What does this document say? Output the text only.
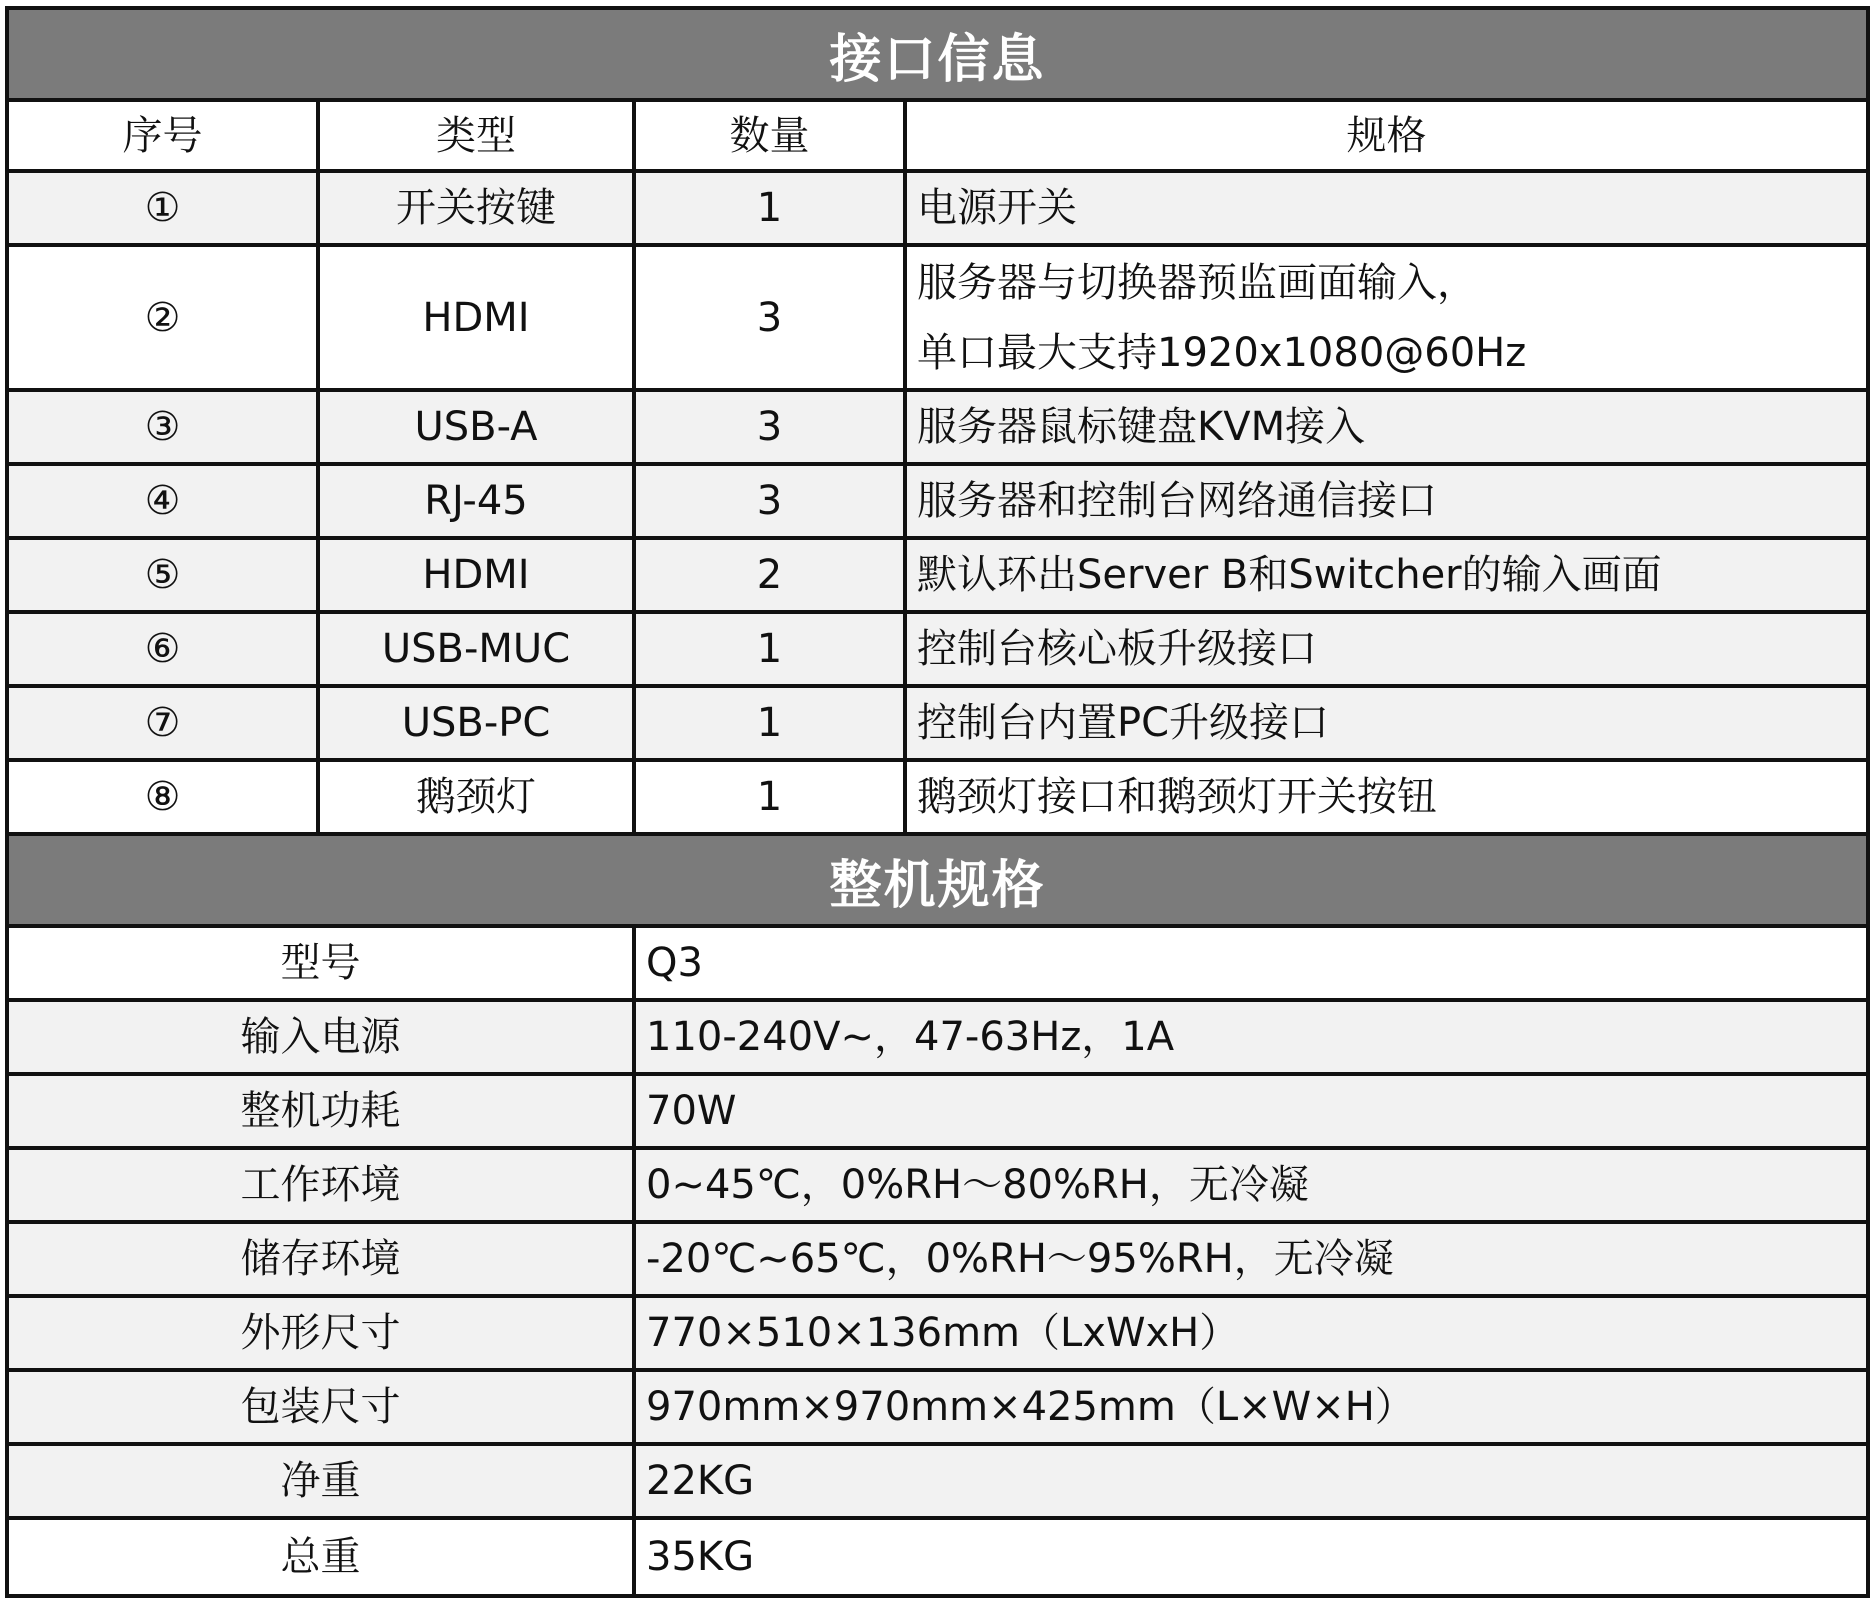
接口信息
序号	类型	数量	规格
①	开关按键	1	电源开关
②	HDMI	3
服务器与切换器预监画面输入，
单口最大支持1920x1080@60Hz
③	USB-A	3	服务器鼠标键盘KVM接入
④	RJ-45	3	服务器和控制台网络通信接口
⑤	HDMI	2	默认环出Server B和Switcher的输入画面
⑥	USB-MUC	1	控制台核心板升级接口
⑦	USB-PC	1	控制台内置PC升级接口
⑧	鹅颈灯	1	鹅颈灯接口和鹅颈灯开关按钮
整机规格
型号	Q3
输入电源	110-240V~，47-63Hz，1A
整机功耗	70W
工作环境	0~45℃，0%RH～80%RH，无冷凝
储存环境	-20℃~65℃，0%RH～95%RH，无冷凝
外形尺寸	770×510×136mm（LxWxH）
包装尺寸	970mm×970mm×425mm（L×W×H）
净重	22KG
总重	35KG
